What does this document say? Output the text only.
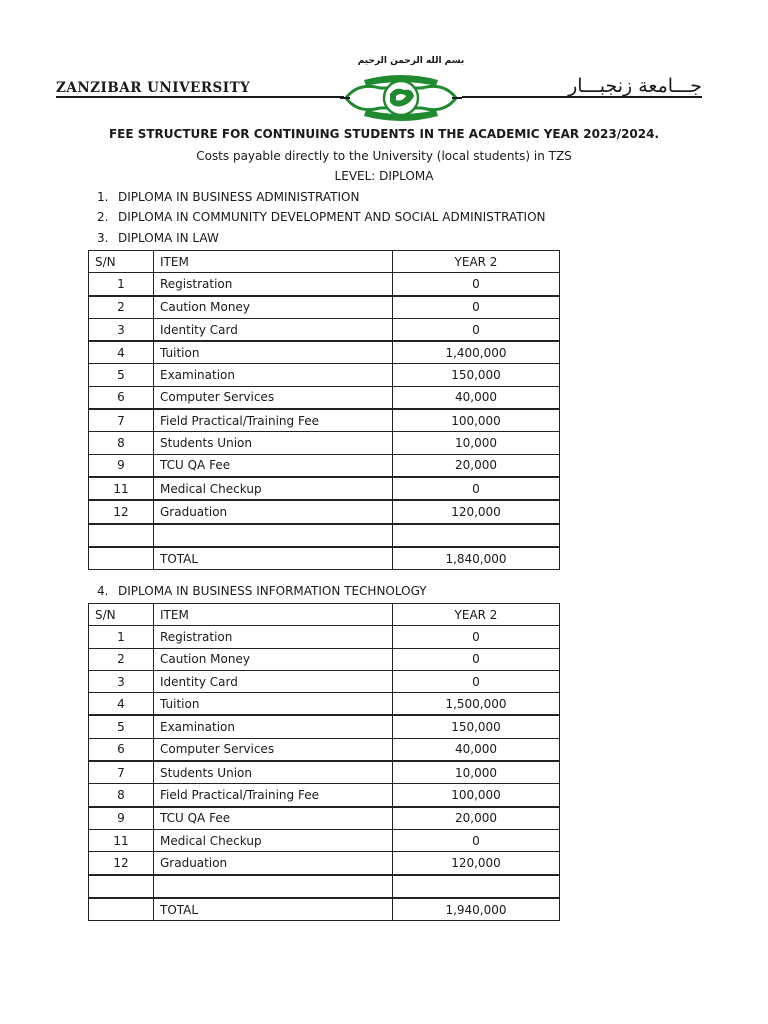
بسم الله الرحمن الرحيم
ZANZIBAR UNIVERSITY	جـــامعة زنجبـــار
FEE STRUCTURE FOR CONTINUING STUDENTS IN THE ACADEMIC YEAR 2023/2024.
Costs payable directly to the University (local students) in TZS
LEVEL: DIPLOMA
1. DIPLOMA IN BUSINESS ADMINISTRATION
2. DIPLOMA IN COMMUNITY DEVELOPMENT AND SOCIAL ADMINISTRATION
3. DIPLOMA IN LAW
S/N	ITEM	YEAR 2
1	Registration	0
2	Caution Money	0
3	Identity Card	0
4	Tuition	1,400,000
5	Examination	150,000
6	Computer Services	40,000
7	Field Practical/Training Fee	100,000
8	Students Union	10,000
9	TCU QA Fee	20,000
11	Medical Checkup	0
12	Graduation	120,000

	TOTAL	1,840,000
4. DIPLOMA IN BUSINESS INFORMATION TECHNOLOGY
S/N	ITEM	YEAR 2
1	Registration	0
2	Caution Money	0
3	Identity Card	0
4	Tuition	1,500,000
5	Examination	150,000
6	Computer Services	40,000
7	Students Union	10,000
8	Field Practical/Training Fee	100,000
9	TCU QA Fee	20,000
11	Medical Checkup	0
12	Graduation	120,000

	TOTAL	1,940,000
